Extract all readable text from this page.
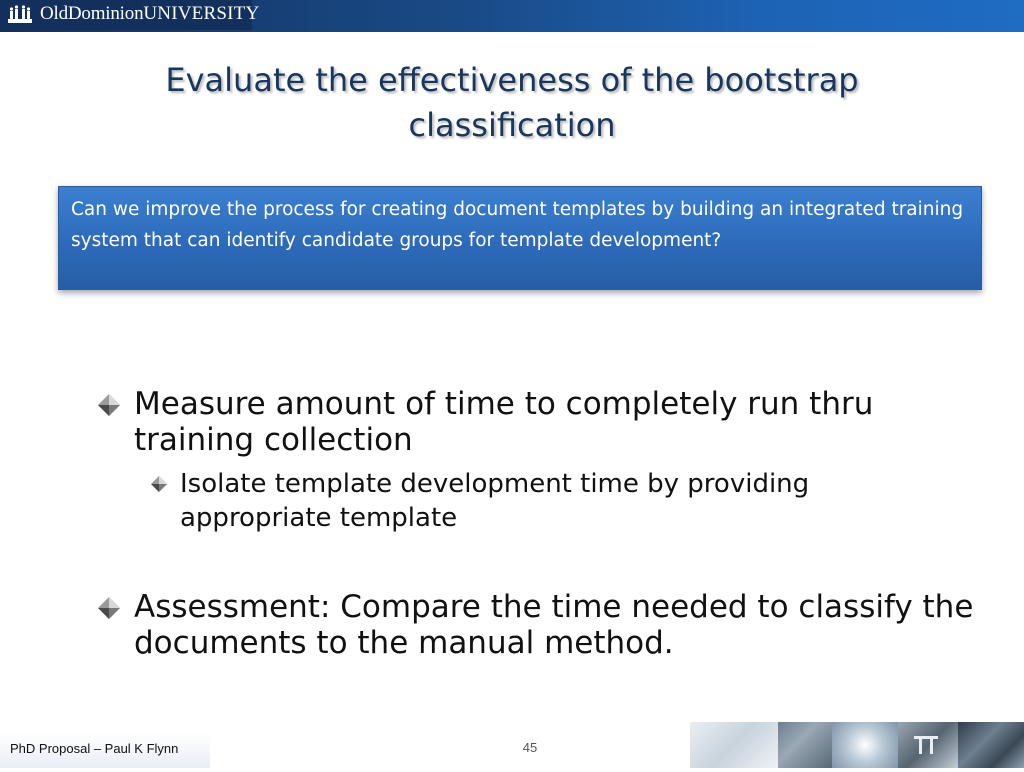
OldDominionUNIVERSITY
Evaluate the effectiveness of the bootstrap
classification
Can we improve the process for creating document templates by building an integrated training system that can identify candidate groups for template development?
Measure amount of time to completely run thru training collection
Isolate template development time by providing appropriate template
Assessment: Compare the time needed to classify the documents to the manual method.
PhD Proposal – Paul K Flynn	45
